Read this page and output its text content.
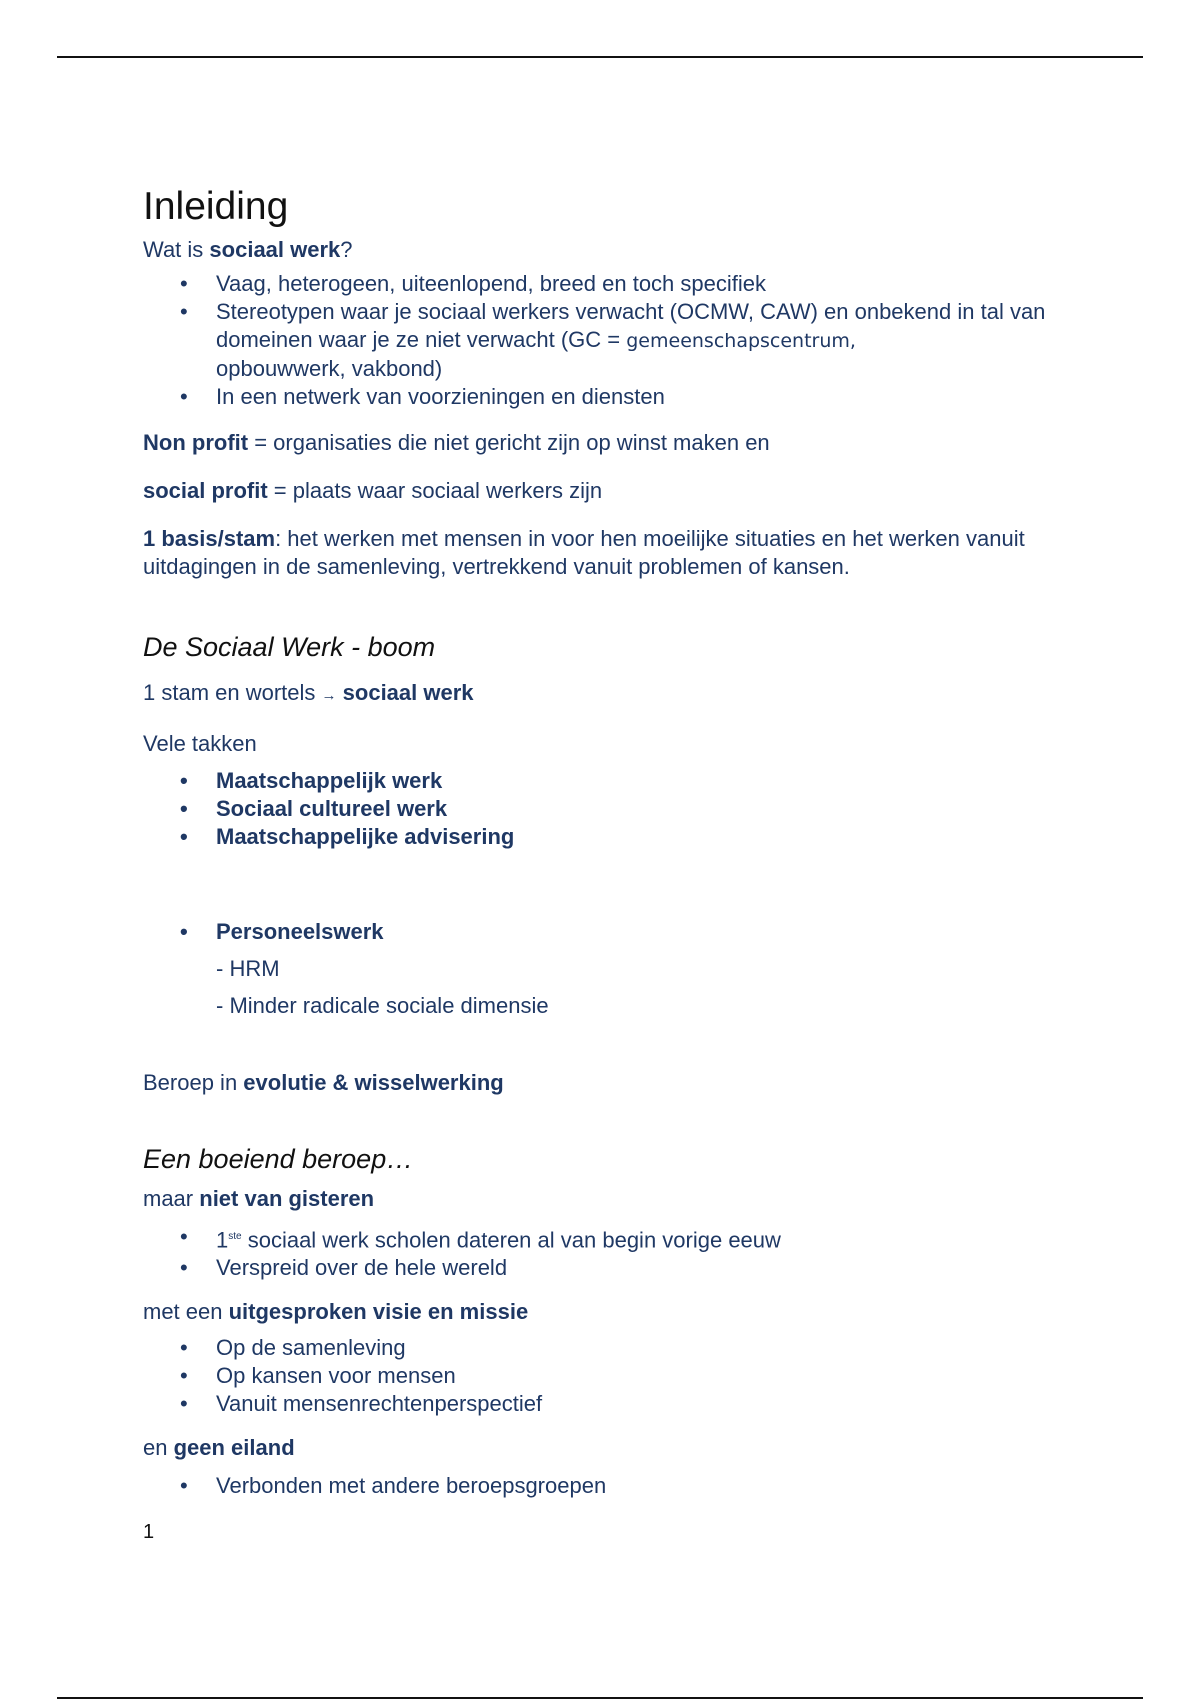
Inleiding

Wat is sociaal werk?

• Vaag, heterogeen, uiteenlopend, breed en toch specifiek
• Stereotypen waar je sociaal werkers verwacht (OCMW, CAW) en onbekend in tal van domeinen waar je ze niet verwacht (GC = gemeenschapscentrum,
opbouwwerk, vakbond)
• In een netwerk van voorzieningen en diensten

Non profit = organisaties die niet gericht zijn op winst maken en

social profit = plaats waar sociaal werkers zijn

1 basis/stam: het werken met mensen in voor hen moeilijke situaties en het werken vanuit uitdagingen in de samenleving, vertrekkend vanuit problemen of kansen.

De Sociaal Werk - boom

1 stam en wortels → sociaal werk

Vele takken

• Maatschappelijk werk
• Sociaal cultureel werk
• Maatschappelijke advisering
• Personeelswerk

- HRM

- Minder radicale sociale dimensie

Beroep in evolutie & wisselwerking

Een boeiend beroep…

maar niet van gisteren

• 1ste sociaal werk scholen dateren al van begin vorige eeuw
• Verspreid over de hele wereld

met een uitgesproken visie en missie

• Op de samenleving
• Op kansen voor mensen
• Vanuit mensenrechtenperspectief

en geen eiland

• Verbonden met andere beroepsgroepen

1
